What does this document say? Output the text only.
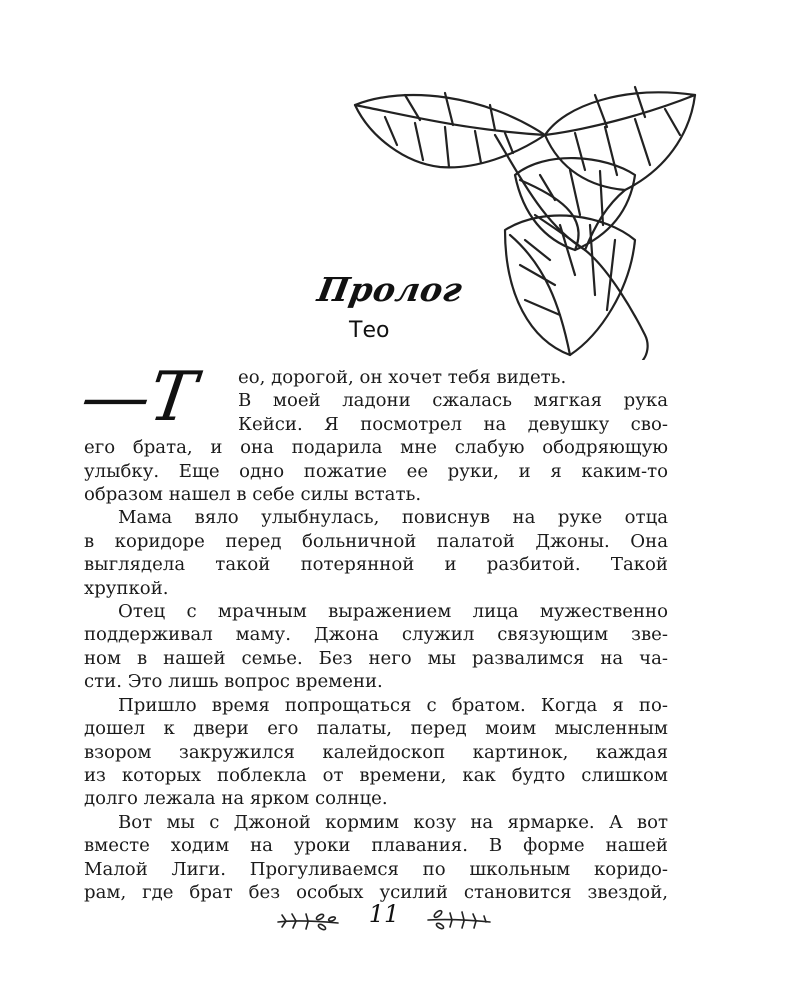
Пролог
Тео
—Т	ео, дорогой, он хочет тебя видеть.
В моей ладони сжалась мягкая рука
Кейси. Я посмотрел на девушку сво-
его брата, и она подарила мне слабую ободряющую
улыбку. Еще одно пожатие ее руки, и я каким-то
образом нашел в себе силы встать.
Мама вяло улыбнулась, повиснув на руке отца
в коридоре перед больничной палатой Джоны. Она
выглядела такой потерянной и разбитой. Такой
хрупкой.
Отец с мрачным выражением лица мужественно
поддерживал маму. Джона служил связующим зве-
ном в нашей семье. Без него мы развалимся на ча-
сти. Это лишь вопрос времени.
Пришло время попрощаться с братом. Когда я по-
дошел к двери его палаты, перед моим мысленным
взором закружился калейдоскоп картинок, каждая
из которых поблекла от времени, как будто слишком
долго лежала на ярком солнце.
Вот мы с Джоной кормим козу на ярмарке. А вот
вместе ходим на уроки плавания. В форме нашей
Малой Лиги. Прогуливаемся по школьным коридо-
рам, где брат без особых усилий становится звездой,
11
